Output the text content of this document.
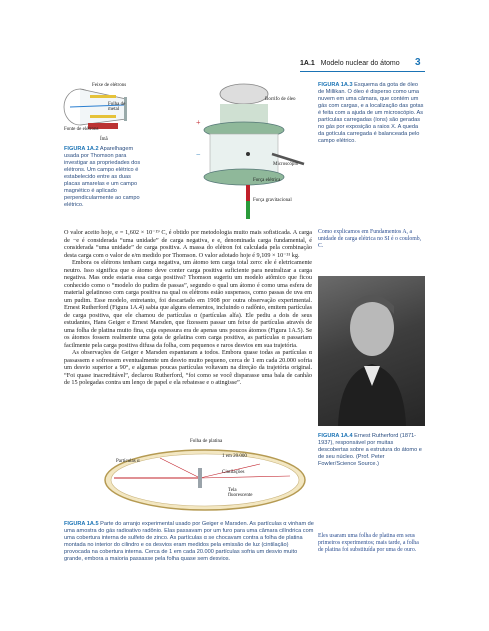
1A.1 Modelo nuclear do átomo 3
Feixe de elétrons
Folha de metal
Fonte de elétrons
Ímã
FIGURA 1A.2 Aparelhagem usada por Thomson para investigar as propriedades dos elétrons. Um campo elétrico é estabelecido entre as duas placas amarelas e um campo magnético é aplicado perpendicularmente ao campo elétrico.
Borrifo de óleo
Microscópio
Força elétrica
Força gravitacional
+
−
FIGURA 1A.3 Esquema da gota de óleo de Millikan. O óleo é disperso como uma nuvem em uma câmara, que contém um gás com cargas, e a localização das gotas é feita com a ajuda de um microscópio. As partículas carregadas (íons) são geradas no gás por exposição a raios X. A queda da gotícula carregada é balanceada pelo campo elétrico.

O valor aceito hoje, e = 1,602 × 10⁻¹⁹ C, é obtido por metodologia muito mais sofisticada. A carga de −e é considerada “uma unidade” de carga negativa, e e, denominada carga fundamental, é considerada “uma unidade” de carga positiva. A massa do elétron foi calculada pela combinação desta carga com o valor de e/m medido por Thomson. O valor adotado hoje é 9,109 × 10⁻³¹ kg.

Embora os elétrons tenham carga negativa, um átomo tem carga total zero: ele é eletricamente neutro. Isso significa que o átomo deve conter carga positiva suficiente para neutralizar a carga negativa. Mas onde estaria essa carga positiva? Thomson sugeriu um modelo atômico que ficou conhecido como o “modelo do pudim de passas”, segundo o qual um átomo é como uma esfera de material gelatinoso com carga positiva na qual os elétrons estão suspensos, como passas de uva em um pudim. Esse modelo, entretanto, foi descartado em 1908 por outra observação experimental. Ernest Rutherford (Figura 1A.4) sabia que alguns elementos, incluindo o radônio, emitem partículas de carga positiva, que ele chamou de partículas α (partículas alfa). Ele pediu a dois de seus estudantes, Hans Geiger e Ernest Marsden, que fizessem passar um feixe de partículas através de uma folha de platina muito fina, cuja espessura era de apenas uns poucos átomos (Figura 1A.5). Se os átomos fossem realmente uma gota de gelatina com carga positiva, as partículas α passariam facilmente pela carga positiva difusa da folha, com pequenos e raros desvios em sua trajetória.

As observações de Geiger e Marsden espantaram a todos. Embora quase todas as partículas α passassem e sofressem eventualmente um desvio muito pequeno, cerca de 1 em cada 20.000 sofria um desvio superior a 90°, e algumas poucas partículas voltavam na direção da trajetória original. “Foi quase inacreditável”, declarou Rutherford, “foi como se você disparasse uma bala de canhão de 15 polegadas contra um lenço de papel e ela rebatesse e o atingisse”.

Como explicamos em Fundamentos A, a unidade de carga elétrica no SI é o coulomb, C.
FIGURA 1A.4 Ernest Rutherford (1871-1937), responsável por muitas descobertas sobre a estrutura do átomo e de seu núcleo. (Prof. Peter Fowler/Science Source.)
Folha de platina
Partículas α
1 em 20.000
Cintilações
Tela fluorescente
FIGURA 1A.5 Parte do arranjo experimental usado por Geiger e Marsden. As partículas α vinham de uma amostra do gás radioativo radônio. Elas passavam por um furo para uma câmara cilíndrica com uma cobertura interna de sulfeto de zinco. As partículas α se chocavam contra a folha de platina montada no interior do cilindro e os desvios eram medidos pela emissão de luz (cintilação) provocada na cobertura interna. Cerca de 1 em cada 20.000 partículas sofria um desvio muito grande, embora a maioria passasse pela folha quase sem desvios.
Eles usaram uma folha de platina em seus primeiros experimentos; mais tarde, a folha de platina foi substituída por uma de ouro.
